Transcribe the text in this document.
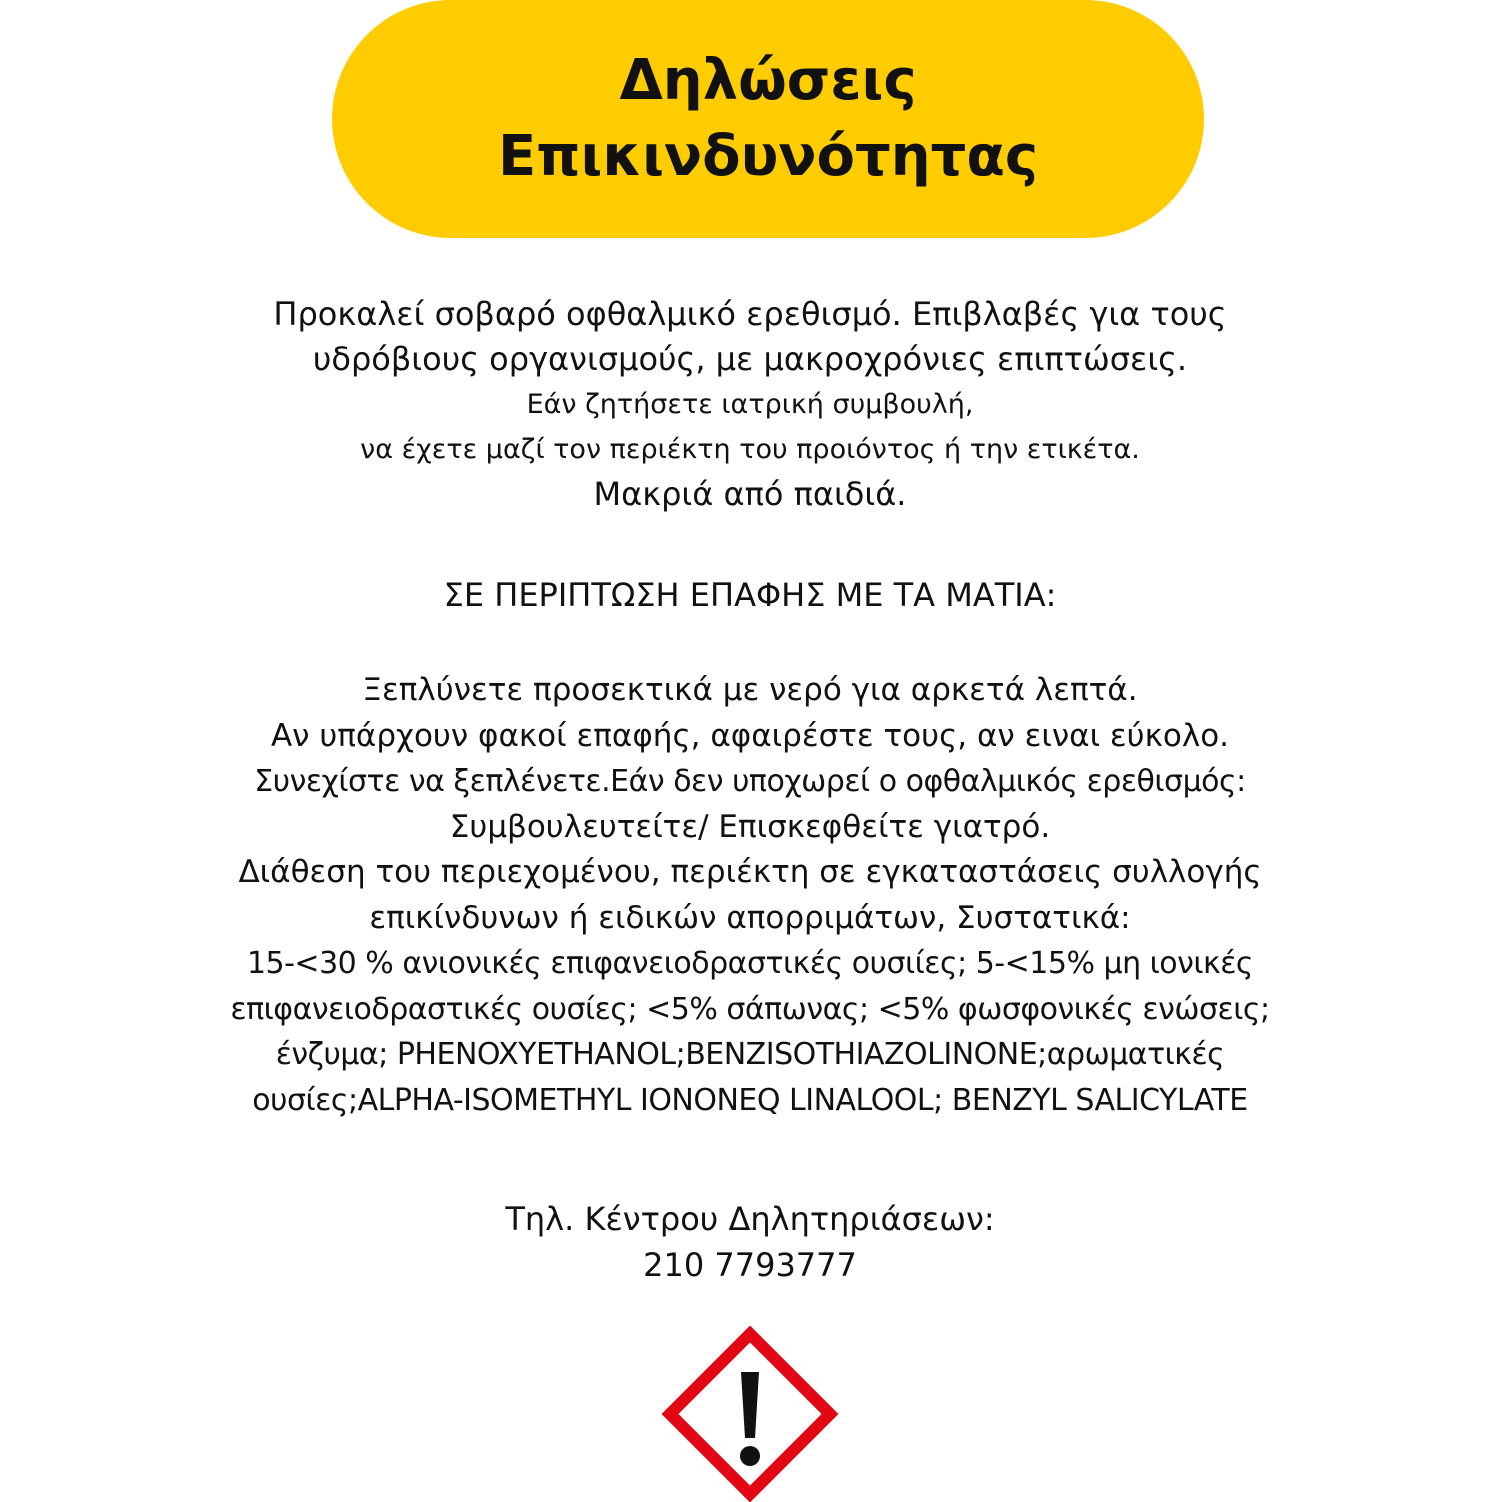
Δηλώσεις
Επικινδυνότητας
Προκαλεί σοβαρό οφθαλμικό ερεθισμό. Επιβλαβές για τους
υδρόβιους οργανισμούς, με μακροχρόνιες επιπτώσεις.
Εάν ζητήσετε ιατρική συμβουλή,
να έχετε μαζί τον περιέκτη του προιόντος ή την ετικέτα.
Μακριά από παιδιά.
ΣΕ ΠΕΡΙΠΤΩΣΗ ΕΠΑΦΗΣ ΜΕ ΤΑ ΜΑΤΙΑ:
Ξεπλύνετε προσεκτικά με νερό για αρκετά λεπτά.
Αν υπάρχουν φακοί επαφής, αφαιρέστε τους, αν ειναι εύκολο.
Συνεχίστε να ξεπλένετε.Εάν δεν υποχωρεί ο οφθαλμικός ερεθισμός:
Συμβουλευτείτε/ Επισκεφθείτε γιατρό.
Διάθεση του περιεχομένου, περιέκτη σε εγκαταστάσεις συλλογής
επικίνδυνων ή ειδικών απορριμάτων, Συστατικά:
15-<30 % ανιονικές επιφανειοδραστικές ουσιίες; 5-<15% μη ιονικές
επιφανειοδραστικές ουσίες; <5% σάπωνας; <5% φωσφονικές ενώσεις;
ένζυμα; PHENOXYETHANOL;BENZISOTHIAZOLINONE;αρωματικές
ουσίες;ALPHA-ISOMETHYL IONONEQ LINALOOL; BENZYL SALICYLATE
Τηλ. Κέντρου Δηλητηριάσεων:
210 7793777
